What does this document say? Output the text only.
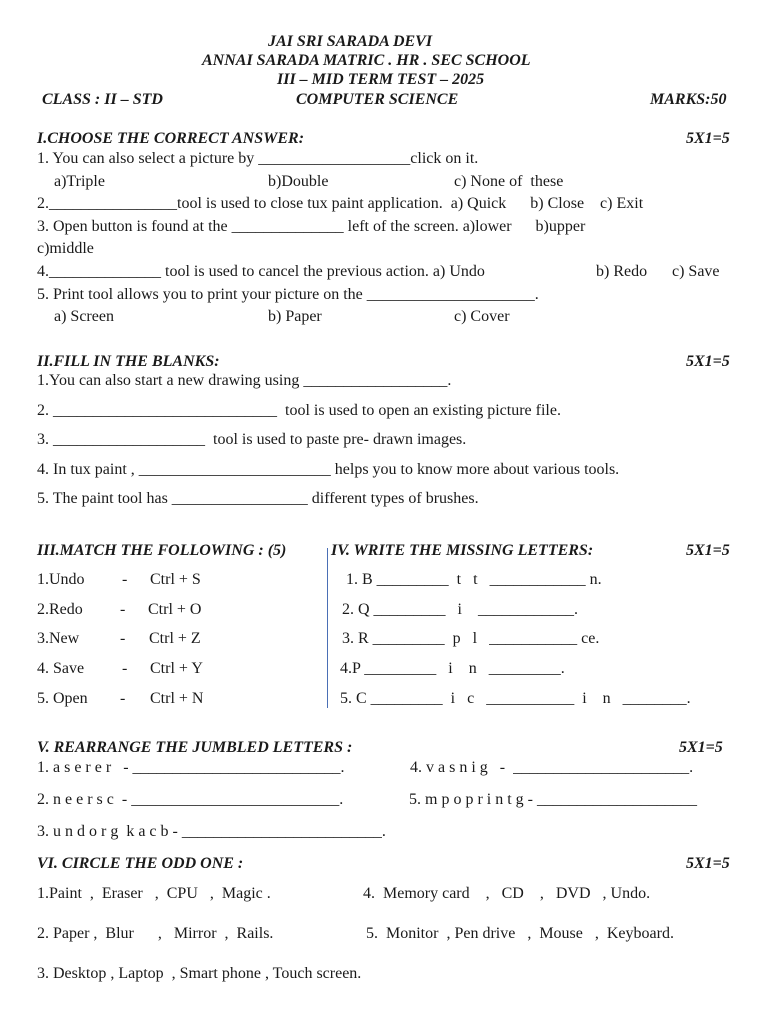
JAI SRI SARADA DEVI
ANNAI SARADA MATRIC . HR . SEC SCHOOL
III – MID TERM TEST – 2025
CLASS : II – STD	COMPUTER SCIENCE	MARKS:50
I.CHOOSE THE CORRECT ANSWER:	5X1=5
1. You can also select a picture by ___________________click on it.
a)Triple	b)Double	c) None of  these
2.________________tool is used to close tux paint application.  a) Quick      b) Close    c) Exit
3. Open button is found at the ______________ left of the screen. a)lower      b)upper
c)middle
4.______________ tool is used to cancel the previous action. a) Undo	b) Redo c) Save
5. Print tool allows you to print your picture on the _____________________.
a) Screen	b) Paper	c) Cover
II.FILL IN THE BLANKS:	5X1=5
1.You can also start a new drawing using __________________.
2. ____________________________  tool is used to open an existing picture file.
3. ___________________  tool is used to paste pre- drawn images.
4. In tux paint , ________________________ helps you to know more about various tools.
5. The paint tool has _________________ different types of brushes.
III.MATCH THE FOLLOWING : (5)	IV. WRITE THE MISSING LETTERS:	5X1=5
1.Undo - Ctrl + S
2.Redo - Ctrl + O
3.New	- Ctrl + Z
4. Save - Ctrl + Y
5. Open - Ctrl + N
1. B _________  t   t   ____________ n.
2. Q _________   i    ____________.
3. R _________  p   l   ___________ ce.
4.P _________   i    n   _________.
5. C _________  i   c   ___________  i    n   ________.
V. REARRANGE THE JUMBLED LETTERS :	5X1=5
1. a s e r e r   - __________________________.	4. v a s n i g   -  ______________________.
2. n e e r s c  - __________________________.	5. m p o p r i n t g - ____________________
3. u n d o r g  k a c b - _________________________.
VI. CIRCLE THE ODD ONE :	5X1=5
1.Paint  ,  Eraser   ,  CPU   ,  Magic .	4.  Memory card    ,   CD    ,   DVD   , Undo.
2. Paper ,  Blur      ,   Mirror  ,  Rails.	5.  Monitor  , Pen drive   ,  Mouse   ,  Keyboard.
3. Desktop , Laptop  , Smart phone , Touch screen.
